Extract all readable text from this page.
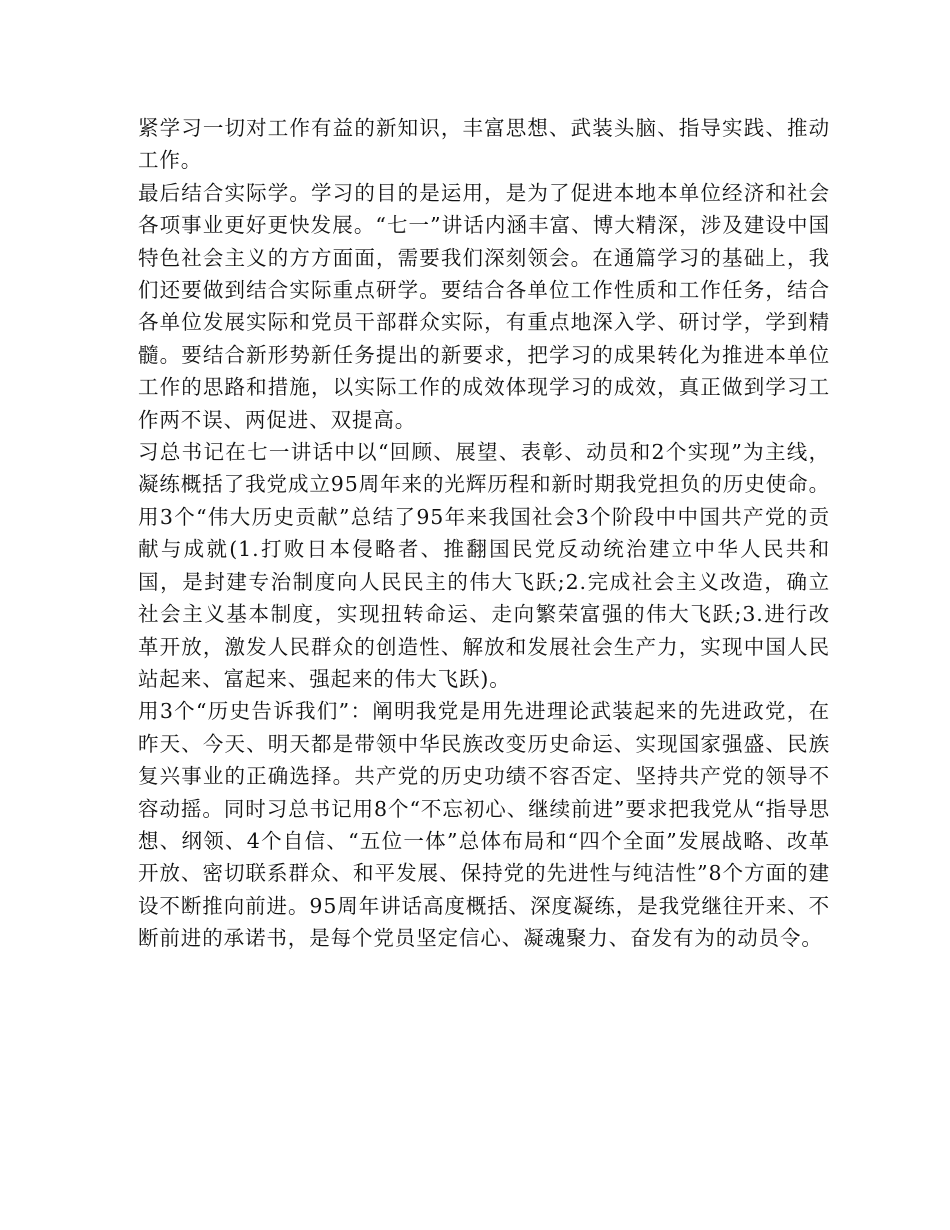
紧学习一切对工作有益的新知识，丰富思想、武装头脑、指导实践、推动工作。

最后结合实际学。学习的目的是运用，是为了促进本地本单位经济和社会各项事业更好更快发展。“七一”讲话内涵丰富、博大精深，涉及建设中国特色社会主义的方方面面，需要我们深刻领会。在通篇学习的基础上，我们还要做到结合实际重点研学。要结合各单位工作性质和工作任务，结合各单位发展实际和党员干部群众实际，有重点地深入学、研讨学，学到精髓。要结合新形势新任务提出的新要求，把学习的成果转化为推进本单位工作的思路和措施，以实际工作的成效体现学习的成效，真正做到学习工作两不误、两促进、双提高。

习总书记在七一讲话中以“回顾、展望、表彰、动员和2个实现”为主线，凝练概括了我党成立95周年来的光辉历程和新时期我党担负的历史使命。用3个“伟大历史贡献”总结了95年来我国社会3个阶段中中国共产党的贡献与成就(1.打败日本侵略者、推翻国民党反动统治建立中华人民共和国，是封建专治制度向人民民主的伟大飞跃;2.完成社会主义改造，确立社会主义基本制度，实现扭转命运、走向繁荣富强的伟大飞跃;3.进行改革开放，激发人民群众的创造性、解放和发展社会生产力，实现中国人民站起来、富起来、强起来的伟大飞跃)。

用3个“历史告诉我们”：阐明我党是用先进理论武装起来的先进政党，在昨天、今天、明天都是带领中华民族改变历史命运、实现国家强盛、民族复兴事业的正确选择。共产党的历史功绩不容否定、坚持共产党的领导不容动摇。同时习总书记用8个“不忘初心、继续前进”要求把我党从“指导思想、纲领、4个自信、“五位一体”总体布局和“四个全面”发展战略、改革开放、密切联系群众、和平发展、保持党的先进性与纯洁性”8个方面的建设不断推向前进。95周年讲话高度概括、深度凝练，是我党继往开来、不断前进的承诺书，是每个党员坚定信心、凝魂聚力、奋发有为的动员令。
